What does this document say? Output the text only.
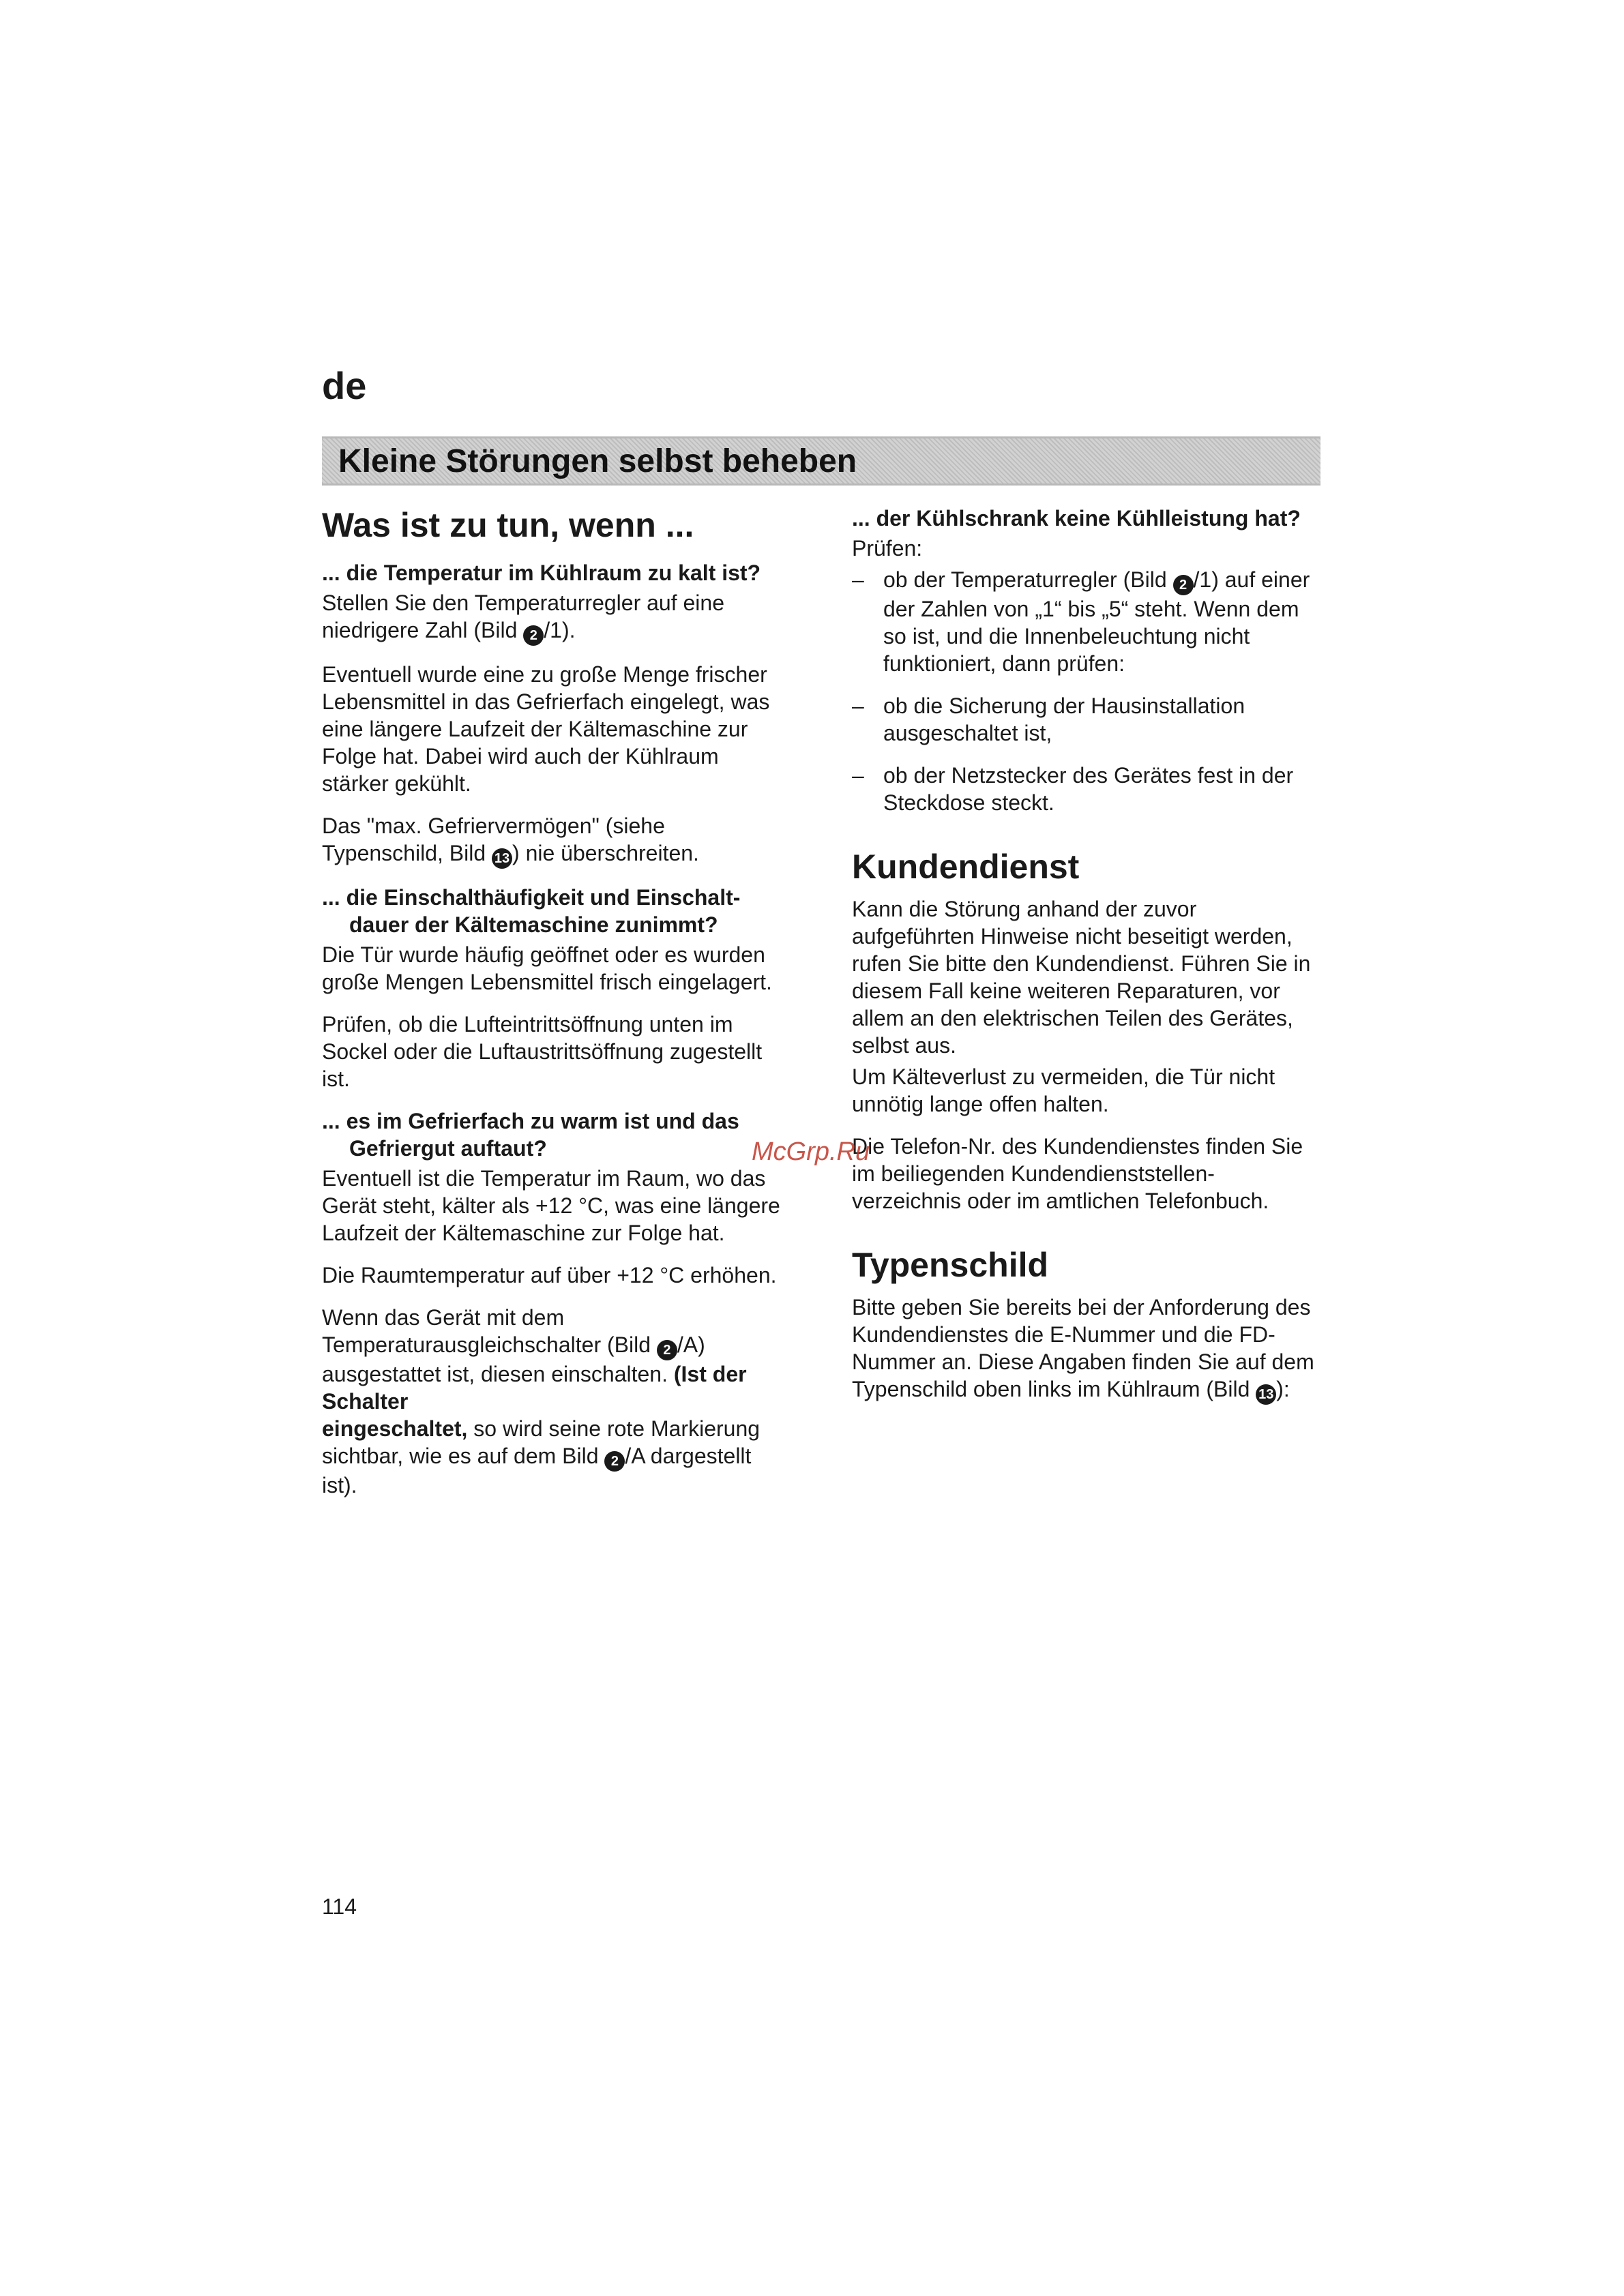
de
Kleine Störungen selbst beheben
Was ist zu tun, wenn ...
... die Temperatur im Kühlraum zu kalt ist?

Stellen Sie den Temperaturregler auf eine niedrigere Zahl (Bild 2 /1).

Eventuell wurde eine zu große Menge frischer Lebensmittel in das Gefrierfach eingelegt, was eine längere Laufzeit der Kältemaschine zur Folge hat. Dabei wird auch der Kühlraum stärker gekühlt.

Das "max. Gefriervermögen" (siehe Typenschild, Bild 13 ) nie überschreiten.

... die Einschalthäufigkeit und Einschalt-dauer der Kältemaschine zunimmt?

Die Tür wurde häufig geöffnet oder es wurden große Mengen Lebensmittel frisch eingelagert.

Prüfen, ob die Lufteintrittsöffnung unten im Sockel oder die Luftaustrittsöffnung zugestellt ist.

... es im Gefrierfach zu warm ist und das Gefriergut auftaut?

Eventuell ist die Temperatur im Raum, wo das Gerät steht, kälter als +12 °C, was eine längere Laufzeit der Kältemaschine zur Folge hat.

Die Raumtemperatur auf über +12 °C erhöhen.

Wenn das Gerät mit dem Temperaturausgleichschalter (Bild 2 /A) ausgestattet ist, diesen einschalten. (Ist der Schalter
eingeschaltet, so wird seine rote Markierung sichtbar, wie es auf dem Bild 2 /A dargestellt ist).

... der Kühlschrank keine Kühlleistung hat?

Prüfen:

– ob der Temperaturregler (Bild 2 /1) auf einer der Zahlen von „1“ bis „5“ steht. Wenn dem so ist, und die Innenbeleuchtung nicht funktioniert, dann prüfen:
– ob die Sicherung der Hausinstallation ausgeschaltet ist,
– ob der Netzstecker des Gerätes fest in der Steckdose steckt.
Kundendienst

Kann die Störung anhand der zuvor aufgeführten Hinweise nicht beseitigt werden, rufen Sie bitte den Kundendienst. Führen Sie in diesem Fall keine weiteren Reparaturen, vor allem an den elektrischen Teilen des Gerätes, selbst aus.

Um Kälteverlust zu vermeiden, die Tür nicht unnötig lange offen halten.

Die Telefon-Nr. des Kundendienstes finden Sie im beiliegenden Kundendienststellen-verzeichnis oder im amtlichen Telefonbuch.

Typenschild

Bitte geben Sie bereits bei der Anforderung des Kundendienstes die E-Nummer und die FD-Nummer an. Diese Angaben finden Sie auf dem Typenschild oben links im Kühlraum (Bild 13 ):

McGrp.Ru
114
